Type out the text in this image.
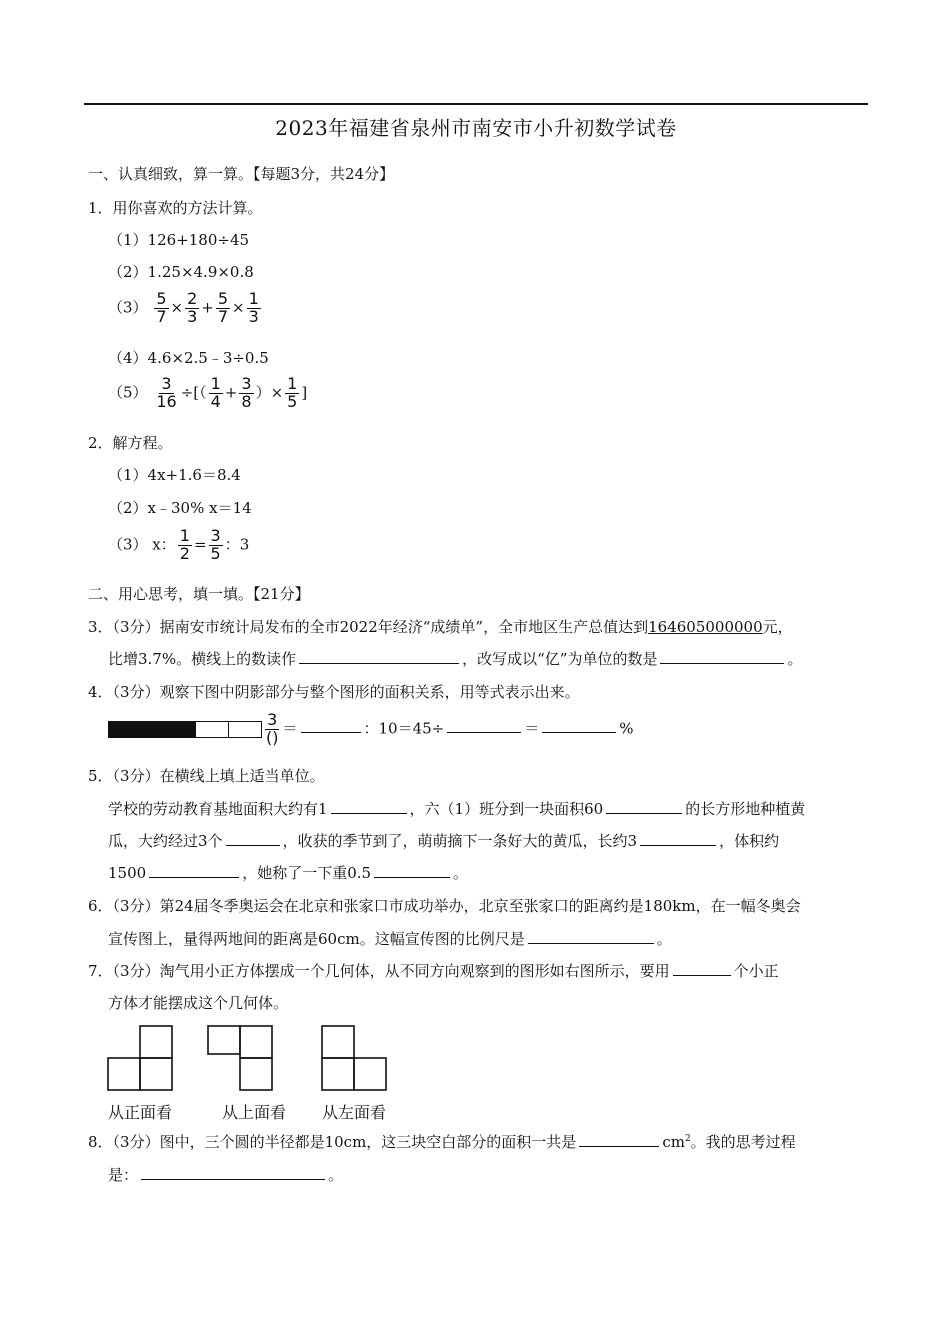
2023年福建省泉州市南安市小升初数学试卷
一、认真细致，算一算。【每题3分，共24分】
1．用你喜欢的方法计算。
（1）126+180÷45
（2）1.25×4.9×0.8
$(3) \frac{5}{7} \times \frac{2}{3} + \frac{5}{7} \times \frac{1}{3}$
（4）4.6×2.5﹣3÷0.5
$(5) \frac{3}{16}$ ÷[（ $\frac{1}{4} + \frac{3}{8}$ ）× $\frac{1}{5}$ ]
2．解方程。
（1）4x+1.6＝8.4
（2）x﹣30% x＝14
（3） x： $\frac{1}{2} = \frac{3}{5}$ ：3
二、用心思考，填一填。【21分】
3．（3分）据南安市统计局发布的全市2022年经济“成绩单”，全市地区生产总值达到164605000000元，
比增3.7%。横线上的数读作	，改写成以“亿”为单位的数是	。
4．（3分）观察下图中阴影部分与整个图形的面积关系，用等式表示出来。
$\frac{3}{()}$ ＝	：10＝45÷	＝	%
5．（3分）在横线上填上适当单位。
学校的劳动教育基地面积大约有1	，六（1）班分到一块面积60	的长方形地种植黄
瓜，大约经过3个	，收获的季节到了，萌萌摘下一条好大的黄瓜，长约3	，体积约
1500	，她称了一下重0.5	。
6．（3分）第24届冬季奥运会在北京和张家口市成功举办，北京至张家口的距离约是180km，在一幅冬奥会
宣传图上，量得两地间的距离是60cm。这幅宣传图的比例尺是	。
7．（3分）淘气用小正方体摆成一个几何体，从不同方向观察到的图形如右图所示，要用	个小正
方体才能摆成这个几何体。
从正面看	从上面看 从左面看
8．（3分）图中，三个圆的半径都是10cm，这三块空白部分的面积一共是	$cm^2$。我的思考过程
是：	。
